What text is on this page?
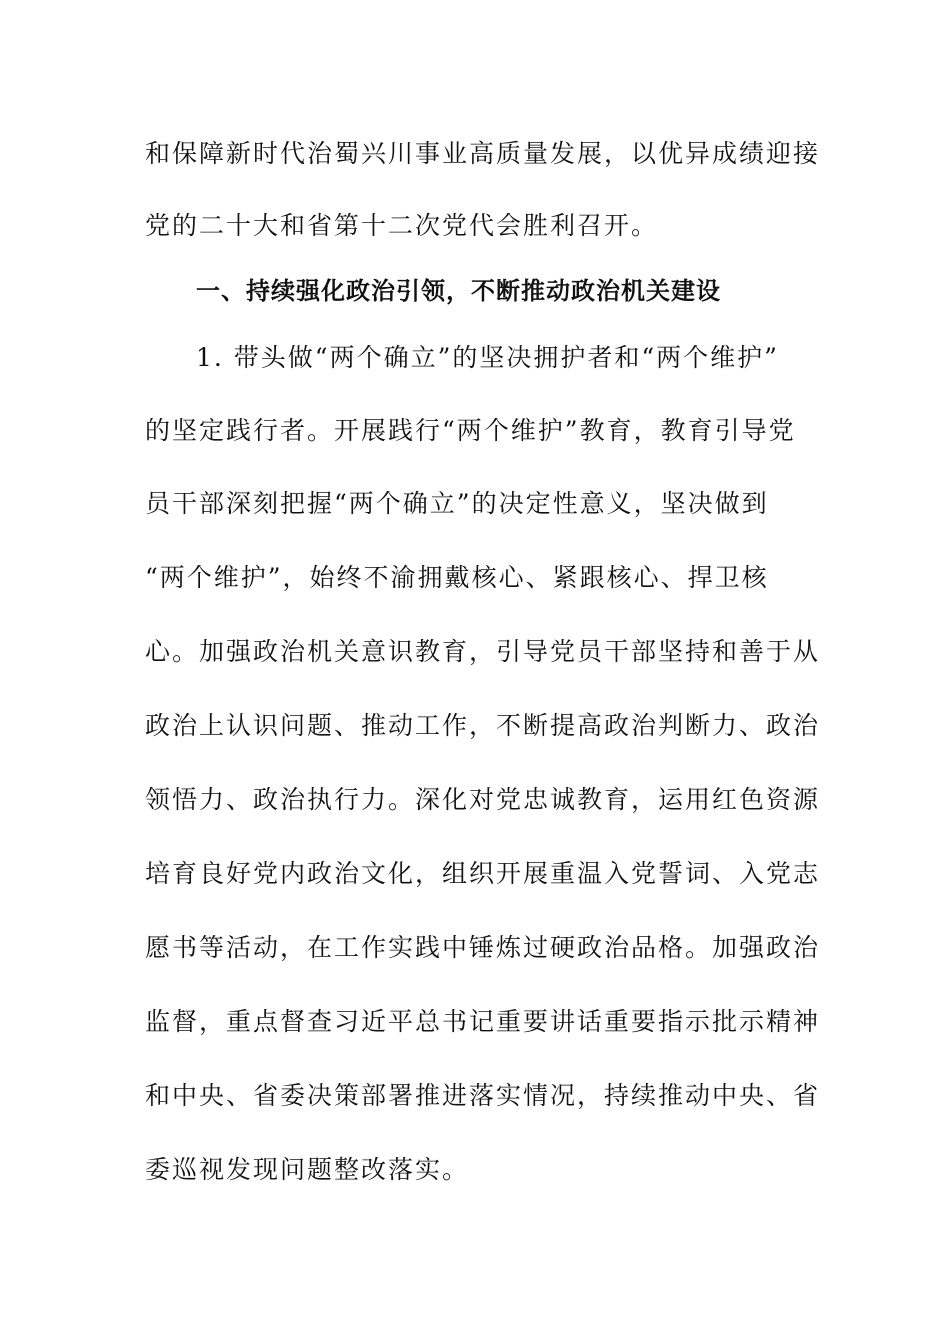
和保障新时代治蜀兴川事业高质量发展，以优异成绩迎接
党的二十大和省第十二次党代会胜利召开。
一、持续强化政治引领，不断推动政治机关建设
1. 带头做“两个确立”的坚决拥护者和“两个维护”
的坚定践行者。开展践行“两个维护”教育，教育引导党
员干部深刻把握“两个确立”的决定性意义，坚决做到
“两个维护”，始终不渝拥戴核心、紧跟核心、捍卫核
心。加强政治机关意识教育，引导党员干部坚持和善于从
政治上认识问题、推动工作，不断提高政治判断力、政治
领悟力、政治执行力。深化对党忠诚教育，运用红色资源
培育良好党内政治文化，组织开展重温入党誓词、入党志
愿书等活动，在工作实践中锤炼过硬政治品格。加强政治
监督，重点督查习近平总书记重要讲话重要指示批示精神
和中央、省委决策部署推进落实情况，持续推动中央、省
委巡视发现问题整改落实。
